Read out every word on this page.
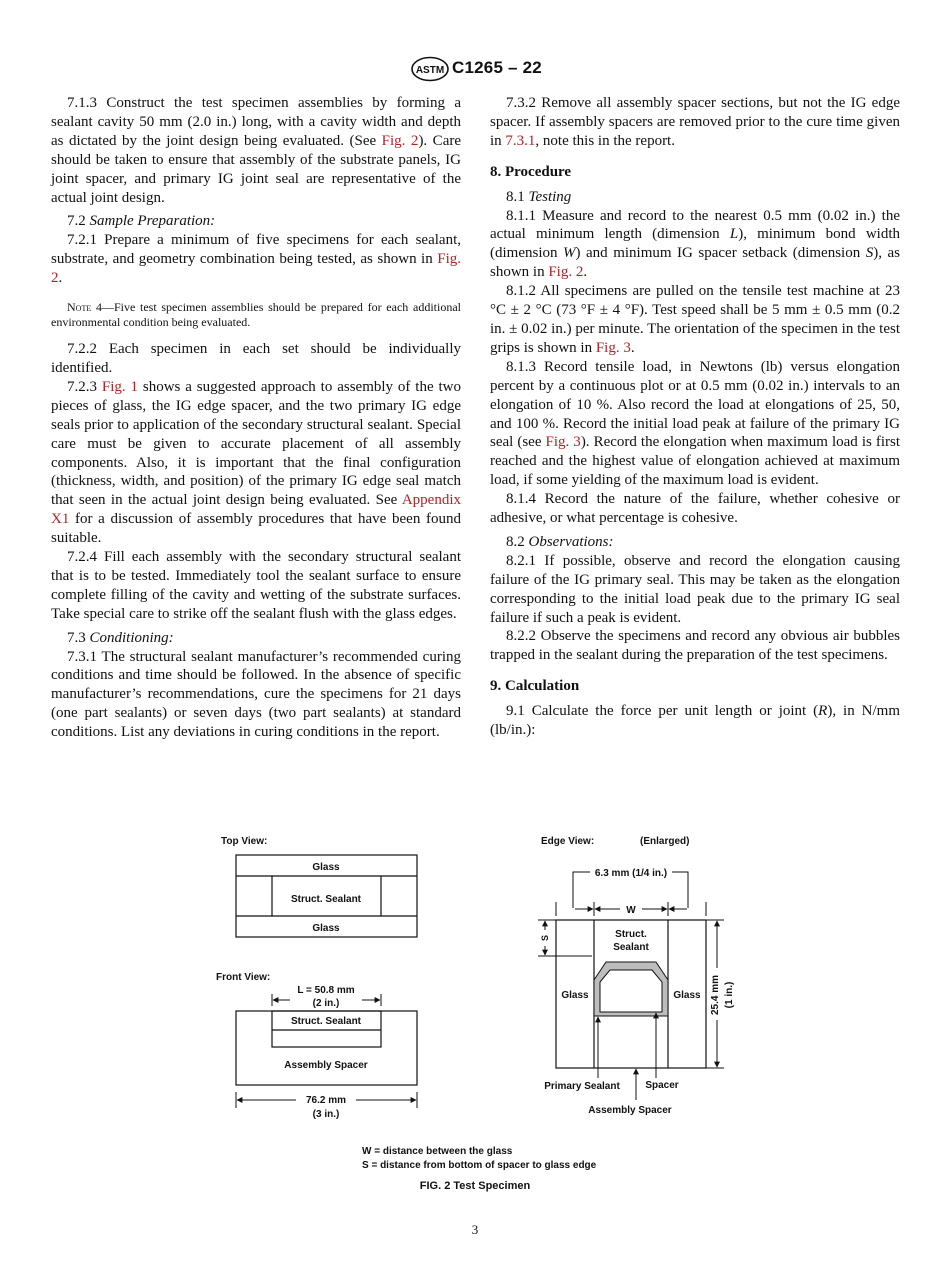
ASTM C1265 – 22

7.1.3 Construct the test specimen assemblies by forming a sealant cavity 50 mm (2.0 in.) long, with a cavity width and depth as dictated by the joint design being evaluated. (See Fig. 2). Care should be taken to ensure that assembly of the substrate panels, IG joint spacer, and primary IG joint seal are representative of the actual joint design.

7.2 Sample Preparation:

7.2.1 Prepare a minimum of five specimens for each sealant, substrate, and geometry combination being tested, as shown in Fig. 2.

Note 4—Five test specimen assemblies should be prepared for each additional environmental condition being evaluated.

7.2.2 Each specimen in each set should be individually identified.

7.2.3 Fig. 1 shows a suggested approach to assembly of the two pieces of glass, the IG edge spacer, and the two primary IG edge seals prior to application of the secondary structural sealant. Special care must be given to accurate placement of all assembly components. Also, it is important that the final configuration (thickness, width, and position) of the primary IG edge seal match that seen in the actual joint design being evaluated. See Appendix X1 for a discussion of assembly procedures that have been found suitable.

7.2.4 Fill each assembly with the secondary structural sealant that is to be tested. Immediately tool the sealant surface to ensure complete filling of the cavity and wetting of the substrate surfaces. Take special care to strike off the sealant flush with the glass edges.

7.3 Conditioning:

7.3.1 The structural sealant manufacturer’s recommended curing conditions and time should be followed. In the absence of specific manufacturer’s recommendations, cure the specimens for 21 days (one part sealants) or seven days (two part sealants) at standard conditions. List any deviations in curing conditions in the report.

7.3.2 Remove all assembly spacer sections, but not the IG edge spacer. If assembly spacers are removed prior to the cure time given in 7.3.1, note this in the report.

8. Procedure

8.1 Testing

8.1.1 Measure and record to the nearest 0.5 mm (0.02 in.) the actual minimum length (dimension L), minimum bond width (dimension W) and minimum IG spacer setback (dimension S), as shown in Fig. 2.

8.1.2 All specimens are pulled on the tensile test machine at 23 °C ± 2 °C (73 °F ± 4 °F). Test speed shall be 5 mm ± 0.5 mm (0.2 in. ± 0.02 in.) per minute. The orientation of the specimen in the test grips is shown in Fig. 3.

8.1.3 Record tensile load, in Newtons (lb) versus elongation percent by a continuous plot or at 0.5 mm (0.02 in.) intervals to an elongation of 10 %. Also record the load at elongations of 25, 50, and 100 %. Record the initial load peak at failure of the primary IG seal (see Fig. 3). Record the elongation when maximum load is first reached and the highest value of elongation achieved at maximum load, if some yielding of the maximum load is evident.

8.1.4 Record the nature of the failure, whether cohesive or adhesive, or what percentage is cohesive.

8.2 Observations:

8.2.1 If possible, observe and record the elongation causing failure of the IG primary seal. This may be taken as the elongation corresponding to the initial load peak due to the primary IG seal failure if such a peak is evident.

8.2.2 Observe the specimens and record any obvious air bubbles trapped in the sealant during the preparation of the test specimens.

9. Calculation

9.1 Calculate the force per unit length or joint (R), in N/mm (lb/in.):

Top View:
Glass
Struct. Sealant
Glass
Front View:
L = 50.8 mm
(2 in.)
Struct. Sealant
Assembly Spacer
76.2 mm
(3 in.)
Edge View:	(Enlarged)
6.3 mm (1/4 in.)
W
S	Struct.
Sealant
Glass	Glass 25.4 mm (1 in.)
Primary Sealant	Spacer
Assembly Spacer
W = distance between the glass
S = distance from bottom of spacer to glass edge
FIG. 2 Test Specimen
3
